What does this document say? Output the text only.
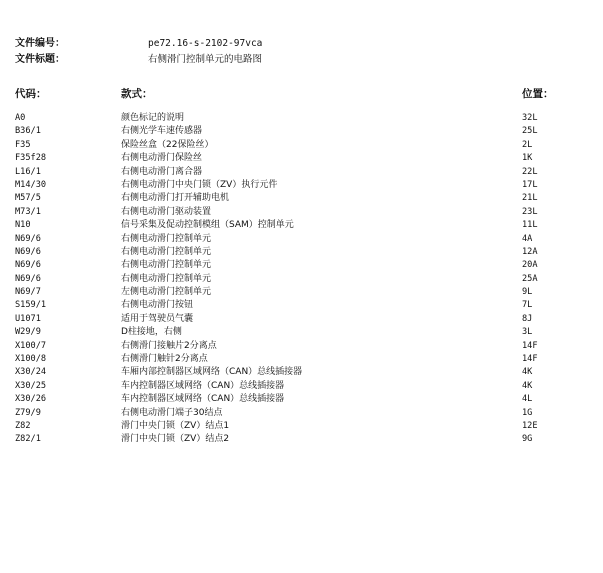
文件编号：	pe72.16-s-2102-97vca
文件标题：	右侧滑门控制单元的电路图
代码：	款式：	位置：
A0	颜色标记的说明	32L
B36/1	右侧光学车速传感器	25L
F35	保险丝盒（22保险丝）	2L
F35f28	右侧电动滑门保险丝	1K
L16/1	右侧电动滑门离合器	22L
M14/30	右侧电动滑门中央门锁（ZV）执行元件	17L
M57/5	右侧电动滑门打开辅助电机	21L
M73/1	右侧电动滑门驱动装置	23L
N10	信号采集及促动控制模组（SAM）控制单元	11L
N69/6	右侧电动滑门控制单元	4A
N69/6	右侧电动滑门控制单元	12A
N69/6	右侧电动滑门控制单元	20A
N69/6	右侧电动滑门控制单元	25A
N69/7	左侧电动滑门控制单元	9L
S159/1	右侧电动滑门按钮	7L
U1071	适用于驾驶员气囊	8J
W29/9	D柱接地，右侧	3L
X100/7	右侧滑门接触片2分离点	14F
X100/8	右侧滑门触针2分离点	14F
X30/24	车厢内部控制器区域网络（CAN）总线插接器	4K
X30/25	车内控制器区域网络（CAN）总线插接器	4K
X30/26	车内控制器区域网络（CAN）总线插接器	4L
Z79/9	右侧电动滑门端子30结点	1G
Z82	滑门中央门锁（ZV）结点1	12E
Z82/1	滑门中央门锁（ZV）结点2	9G
